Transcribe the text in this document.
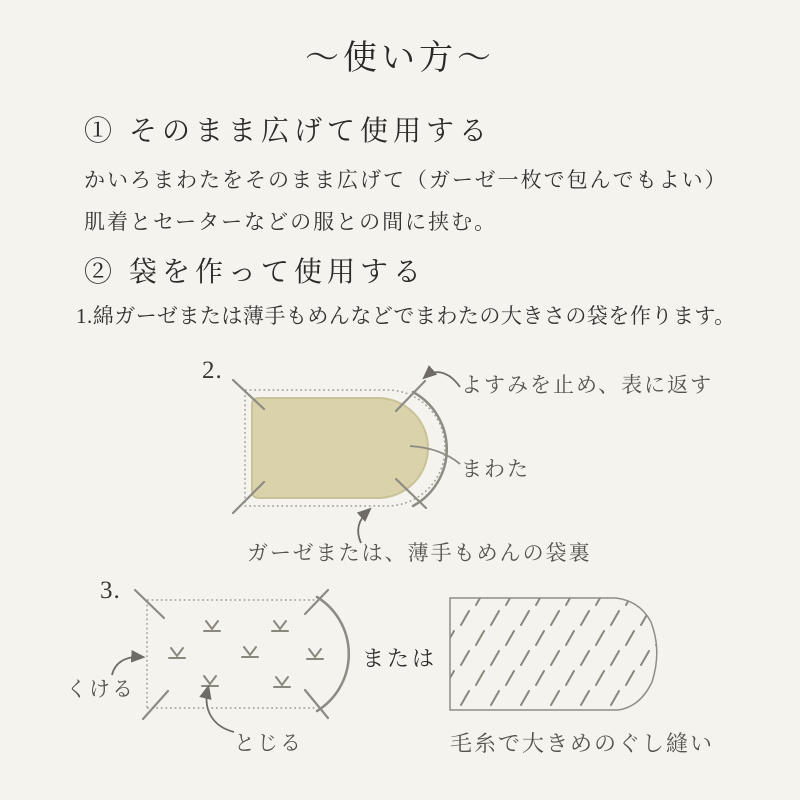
～使い方～
① そのまま広げて使用する
かいろまわたをそのまま広げて（ガーゼ一枚で包んでもよい）
肌着とセーターなどの服との間に挟む。
② 袋を作って使用する
1.綿ガーゼまたは薄手もめんなどでまわたの大きさの袋を作ります。
2.
よすみを止め、表に返す
まわた
ガーゼまたは、薄手もめんの袋裏
3.
くける
とじる
または
毛糸で大きめのぐし縫い
